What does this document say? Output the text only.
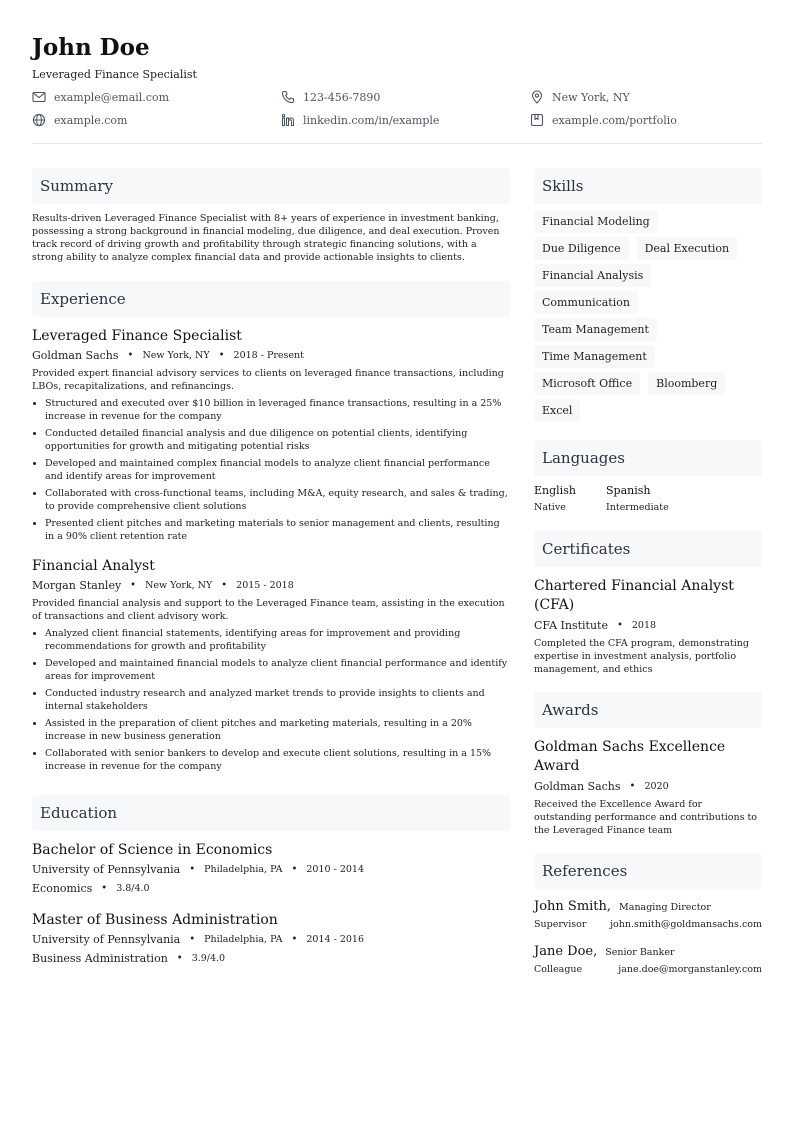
John Doe
Leveraged Finance Specialist
example@email.com	123-456-7890	New York, NY
example.com	linkedin.com/in/example	example.com/portfolio
Summary
Results-driven Leveraged Finance Specialist with 8+ years of experience in investment banking, possessing a strong background in financial modeling, due diligence, and deal execution. Proven track record of driving growth and profitability through strategic financing solutions, with a strong ability to analyze complex financial data and provide actionable insights to clients.
Experience
Leveraged Finance Specialist
Goldman Sachs • New York, NY • 2018 - Present
Provided expert financial advisory services to clients on leveraged finance transactions, including LBOs, recapitalizations, and refinancings.
• Structured and executed over $10 billion in leveraged finance transactions, resulting in a 25% increase in revenue for the company
• Conducted detailed financial analysis and due diligence on potential clients, identifying opportunities for growth and mitigating potential risks
• Developed and maintained complex financial models to analyze client financial performance and identify areas for improvement
• Collaborated with cross-functional teams, including M&A, equity research, and sales & trading, to provide comprehensive client solutions
• Presented client pitches and marketing materials to senior management and clients, resulting in a 90% client retention rate
Financial Analyst
Morgan Stanley • New York, NY • 2015 - 2018
Provided financial analysis and support to the Leveraged Finance team, assisting in the execution of transactions and client advisory work.
• Analyzed client financial statements, identifying areas for improvement and providing recommendations for growth and profitability
• Developed and maintained financial models to analyze client financial performance and identify areas for improvement
• Conducted industry research and analyzed market trends to provide insights to clients and internal stakeholders
• Assisted in the preparation of client pitches and marketing materials, resulting in a 20% increase in new business generation
• Collaborated with senior bankers to develop and execute client solutions, resulting in a 15% increase in revenue for the company
Education
Bachelor of Science in Economics
University of Pennsylvania • Philadelphia, PA • 2010 - 2014
Economics • 3.8/4.0
Master of Business Administration
University of Pennsylvania • Philadelphia, PA • 2014 - 2016
Business Administration • 3.9/4.0
Skills
Financial Modeling
Due Diligence	Deal Execution
Financial Analysis
Communication
Team Management
Time Management
Microsoft Office	Bloomberg
Excel
Languages
English
Native
Spanish
Intermediate
Certificates
Chartered Financial Analyst (CFA)
CFA Institute • 2018
Completed the CFA program, demonstrating expertise in investment analysis, portfolio management, and ethics
Awards
Goldman Sachs Excellence Award
Goldman Sachs • 2020
Received the Excellence Award for outstanding performance and contributions to the Leveraged Finance team
References
John Smith, Managing Director
Supervisor john.smith@goldmansachs.com
Jane Doe, Senior Banker
Colleague	jane.doe@morganstanley.com
